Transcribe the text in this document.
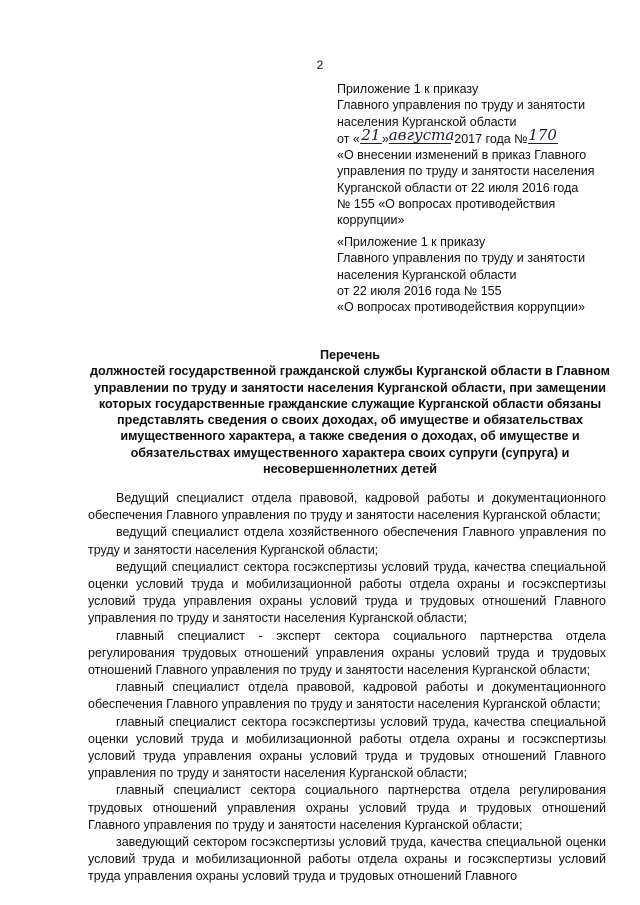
2
Приложение 1 к приказу
Главного управления по труду и занятости
населения Курганской области
от «21»августа 2017 года №170
«О внесении изменений в приказ Главного
управления по труду и занятости населения
Курганской области от 22 июля 2016 года
№ 155 «О вопросах противодействия
коррупции»
«Приложение 1 к приказу
Главного управления по труду и занятости
населения Курганской области
от 22 июля 2016 года № 155
«О вопросах противодействия коррупции»
Перечень
должностей государственной гражданской службы Курганской области в Главном
управлении по труду и занятости населения Курганской области, при замещении
которых государственные гражданские служащие Курганской области обязаны
представлять сведения о своих доходах, об имуществе и обязательствах
имущественного характера, а также сведения о доходах, об имуществе и
обязательствах имущественного характера своих супруги (супруга) и
несовершеннолетних детей

Ведущий специалист отдела правовой, кадровой работы и документационного обеспечения Главного управления по труду и занятости населения Курганской области;

ведущий специалист отдела хозяйственного обеспечения Главного управления по труду и занятости населения Курганской области;

ведущий специалист сектора госэкспертизы условий труда, качества специальной оценки условий труда и мобилизационной работы отдела охраны и госэкспертизы условий труда управления охраны условий труда и трудовых отношений Главного управления по труду и занятости населения Курганской области;

главный специалист - эксперт сектора социального партнерства отдела регулирования трудовых отношений управления охраны условий труда и трудовых отношений Главного управления по труду и занятости населения Курганской области;

главный специалист отдела правовой, кадровой работы и документационного обеспечения Главного управления по труду и занятости населения Курганской области;

главный специалист сектора госэкспертизы условий труда, качества специальной оценки условий труда и мобилизационной работы отдела охраны и госэкспертизы условий труда управления охраны условий труда и трудовых отношений Главного управления по труду и занятости населения Курганской области;

главный специалист сектора социального партнерства отдела регулирования трудовых отношений управления охраны условий труда и трудовых отношений Главного управления по труду и занятости населения Курганской области;

заведующий сектором госэкспертизы условий труда, качества специальной оценки условий труда и мобилизационной работы отдела охраны и госэкспертизы условий труда управления охраны условий труда и трудовых отношений Главного
